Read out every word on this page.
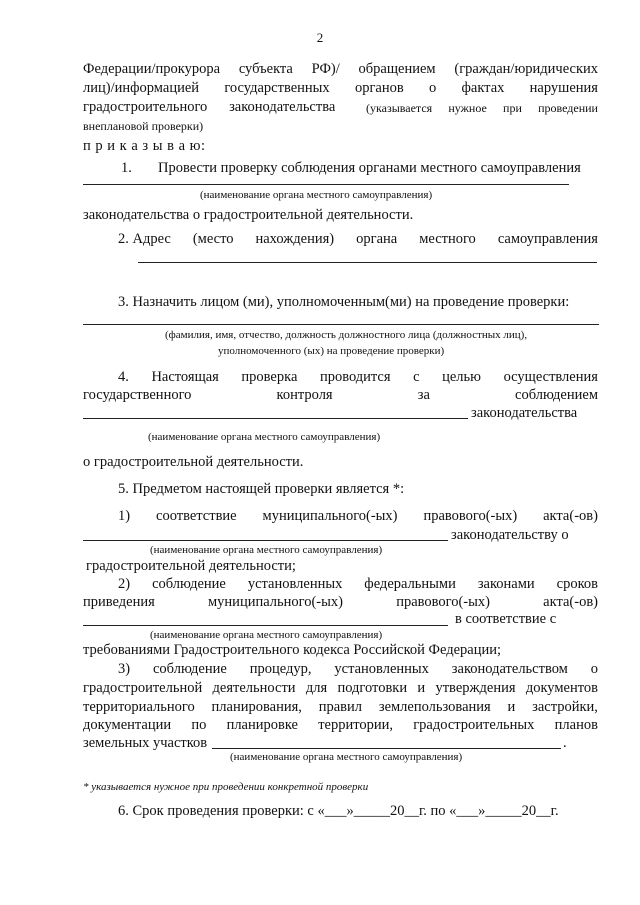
2
Федерации/прокурора субъекта РФ)/ обращением (граждан/юридических
лиц)/информацией государственных органов о фактах нарушения
градостроительного законодательства	(указывается нужное при проведении
внеплановой проверки)
п р и к а з ы в а ю:
1. Провести проверку соблюдения органами местного самоуправления
(наименование органа местного самоуправления)
законодательства о градостроительной деятельности.
2. Адрес (место нахождения) органа местного самоуправления
3. Назначить лицом (ми), уполномоченным(ми) на проведение проверки:
(фамилия, имя, отчество, должность должностного лица (должностных лиц),
уполномоченного (ых) на проведение проверки)
4. Настоящая проверка проводится с целью осуществления
государственного	контроля	за	соблюдением
законодательства
(наименование органа местного самоуправления)
о градостроительной деятельности.
5. Предметом настоящей проверки является *:
1) соответствие муниципального(-ых) правового(-ых) акта(-ов)
законодательству о
(наименование органа местного самоуправления)
градостроительной деятельности;
2) соблюдение установленных федеральными законами сроков
приведения	муниципального(-ых)	правового(-ых)	акта(-ов)
в соответствие с
(наименование органа местного самоуправления)
требованиями Градостроительного кодекса Российской Федерации;
3) соблюдение процедур, установленных законодательством о
градостроительной деятельности для подготовки и утверждения документов
территориального планирования, правил землепользования и застройки,
документации по планировке территории, градостроительных планов
земельных участков	.
(наименование органа местного самоуправления)
* указывается нужное при проведении конкретной проверки
6. Срок проведения проверки: с «___»_____20__г. по «___»_____20__г.
